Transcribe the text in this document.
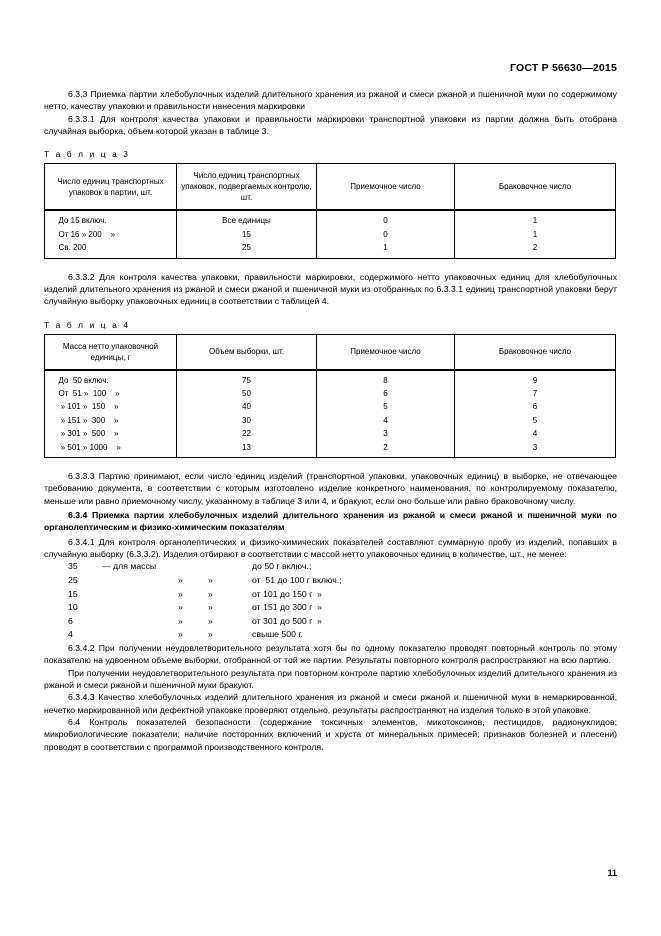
ГОСТ Р 56630—2015

6.3.3 Приемка партии хлебобулочных изделий длительного хранения из ржаной и смеси ржаной и пшеничной муки по содержимому нетто, качеству упаковки и правильности нанесения маркировки

6.3.3.1 Для контроля качества упаковки и правильности маркировки транспортной упаковки из партии должна быть отобрана случайная выборка, объем которой указан в таблице 3.

Т а б л и ц а 3
Число единиц транспортных упаковок в партии, шт.	Число единиц транспортных упаковок, подвергаемых контролю, шт.	Приемочное число	Браковочное число

До 15 включ.	Все единицы	0	1

От 16 » 200    »	15	0	1

Св. 200	25	1	2

6.3.3.2 Для контроля качества упаковки, правильности маркировки, содержимого нетто упаковочных единиц для хлебобулочных изделий длительного хранения из ржаной и смеси ржаной и пшеничной муки из отобранных по 6.3.3.1 единиц транспортной упаковки берут случайную выборку упаковочных единиц в соответствии с таблицей 4.

Т а б л и ц а 4
Масса нетто упаковочной единицы, г	Объем выборки, шт.	Приемочное число	Браковочное число

До  50 включ.	75	8	9

От  51 »  100    »	50	6	7

» 101 »  150    »	40	5	6

» 151 »  300    »	30	4	5

» 301 »  500    »	22	3	4

» 501 » 1000    »	13	2	3

6.3.3.3 Партию принимают, если число единиц изделий (транспортной упаковки, упаковочных единиц) в выборке, не отвечающее требованию документа, в соответствии с которым изготовлено изделие конкретного наименования, по контролируемому показателю, меньше или равно приемочному числу, указанному в таблице 3 или 4, и бракуют, если оно больше или равно браковочному числу.

6.3.4 Приемка партии хлебобулочных изделий длительного хранения из ржаной и смеси ржаной и пшеничной муки по органолептическим и физико-химическим показателям

6.3.4.1 Для контроля органолептических и физико-химических показателей составляют суммарную пробу из изделий, попавших в случайную выборку (6.3.3.2). Изделия отбирают в соответствии с массой нетто упаковочных единиц в количестве, шт., не менее:

35	— для массы	до 50 г включ.;
25	»	»	от  51 до 100 г включ.;
15	»	»	от 101 до 150 г  »
10	»	»	от 151 до 300 г  »
6	»	»	от 301 до 500 г  »
4	»	»	свыше 500 г.

6.3.4.2 При получении неудовлетворительного результата хотя бы по одному показателю проводят повторный контроль по этому показателю на удвоенном объеме выборки, отобранной от той же партии. Результаты повторного контроля распространяют на всю партию.

При получении неудовлетворительного результата при повторном контроле партию хлебобулочных изделий длительного хранения из ржаной и смеси ржаной и пшеничной муки бракуют.

6.3.4.3 Качество хлебобулочных изделий длительного хранения из ржаной и смеси ржаной и пшеничной муки в немаркированной, нечетко маркированной или дефектной упаковке проверяют отдельно, результаты распространяют на изделия только в этой упаковке.

6.4 Контроль показателей безопасности (содержание токсичных элементов, микотоксинов, пестицидов, радионуклидов; микробиологические показатели; наличие посторонних включений и хруста от минеральных примесей; признаков болезней и плесени) проводят в соответствии с программой производственного контроля.

11
